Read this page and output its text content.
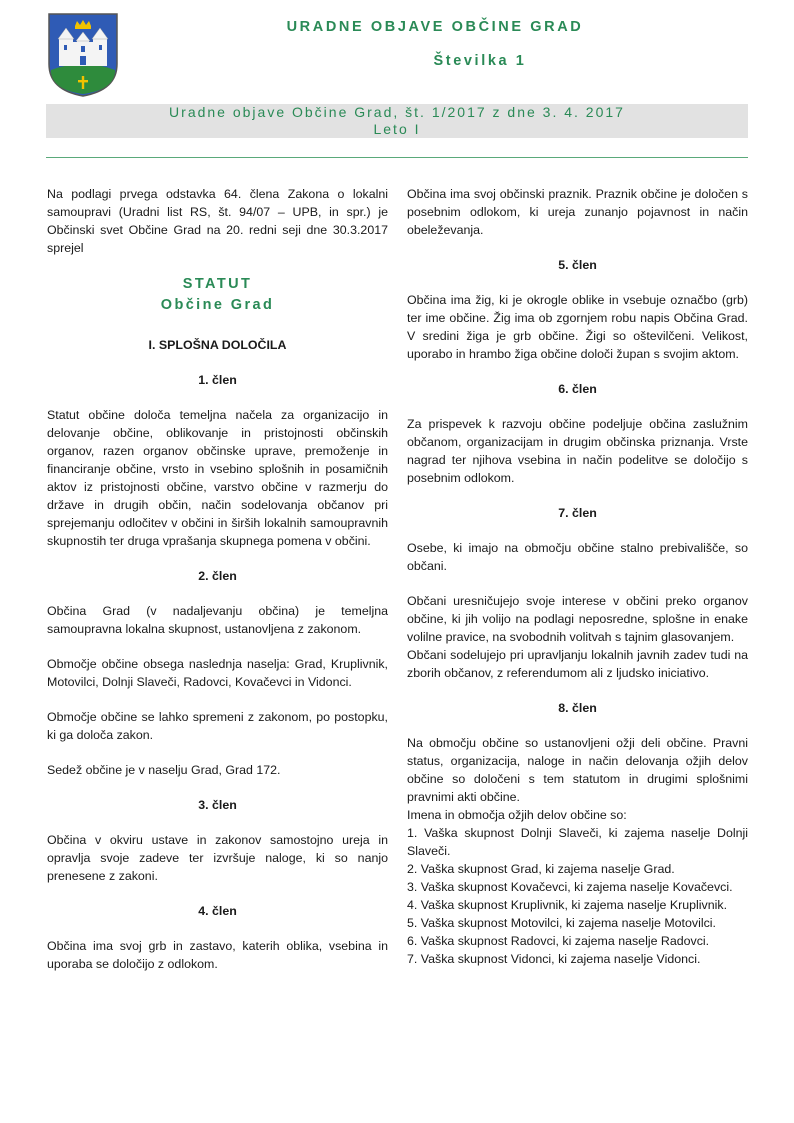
URADNE OBJAVE OBČINE GRAD
Številka 1
Uradne objave Občine Grad, št. 1/2017 z dne 3. 4. 2017
Leto I

Na podlagi prvega odstavka 64. člena Zakona o lokalni samoupravi (Uradni list RS, št. 94/07 – UPB, in spr.) je Občinski svet Občine Grad na 20. redni seji dne 30.3.2017 sprejel

STATUT
Občine Grad
I. SPLOŠNA DOLOČILA
1. člen

Statut občine določa temeljna načela za organizacijo in delovanje občine, oblikovanje in pristojnosti občinskih organov, razen organov občinske uprave, premoženje in financiranje občine, vrsto in vsebino splošnih in posamičnih aktov iz pristojnosti občine, varstvo občine v razmerju do države in drugih občin, način sodelovanja občanov pri sprejemanju odločitev v občini in širših lokalnih samoupravnih skupnostih ter druga vprašanja skupnega pomena v občini.

2. člen

Občina Grad (v nadaljevanju občina) je temeljna samoupravna lokalna skupnost, ustanovljena z zakonom.

Območje občine obsega naslednja naselja: Grad, Kruplivnik, Motovilci, Dolnji Slaveči, Radovci, Kovačevci in Vidonci.

Območje občine se lahko spremeni z zakonom, po postopku, ki ga določa zakon.

Sedež občine je v naselju Grad, Grad 172.

3. člen

Občina v okviru ustave in zakonov samostojno ureja in opravlja svoje zadeve ter izvršuje naloge, ki so nanjo prenesene z zakoni.

4. člen

Občina ima svoj grb in zastavo, katerih oblika, vsebina in uporaba se določijo z odlokom.

Občina ima svoj občinski praznik. Praznik občine je določen s posebnim odlokom, ki ureja zunanjo pojavnost in način obeleževanja.

5. člen

Občina ima žig, ki je okrogle oblike in vsebuje označbo (grb) ter ime občine. Žig ima ob zgornjem robu napis Občina Grad. V sredini žiga je grb občine. Žigi so oštevilčeni. Velikost, uporabo in hrambo žiga občine določi župan s svojim aktom.

6. člen

Za prispevek k razvoju občine podeljuje občina zaslužnim občanom, organizacijam in drugim občinska priznanja. Vrste nagrad ter njihova vsebina in način podelitve se določijo s posebnim odlokom.

7. člen

Osebe, ki imajo na območju občine stalno prebivališče, so občani.

Občani uresničujejo svoje interese v občini preko organov občine, ki jih volijo na podlagi neposredne, splošne in enake volilne pravice, na svobodnih volitvah s tajnim glasovanjem.

Občani sodelujejo pri upravljanju lokalnih javnih zadev tudi na zborih občanov, z referendumom ali z ljudsko iniciativo.

8. člen

Na območju občine so ustanovljeni ožji deli občine. Pravni status, organizacija, naloge in način delovanja ožjih delov občine so določeni s tem statutom in drugimi splošnimi pravnimi akti občine.

Imena in območja ožjih delov občine so:

1. Vaška skupnost Dolnji Slaveči, ki zajema naselje Dolnji Slaveči.

2. Vaška skupnost Grad, ki zajema naselje Grad.

3. Vaška skupnost Kovačevci, ki zajema naselje Kovačevci.

4. Vaška skupnost Kruplivnik, ki zajema naselje Kruplivnik.

5. Vaška skupnost Motovilci, ki zajema naselje Motovilci.

6. Vaška skupnost Radovci, ki zajema naselje Radovci.

7. Vaška skupnost Vidonci, ki zajema naselje Vidonci.
